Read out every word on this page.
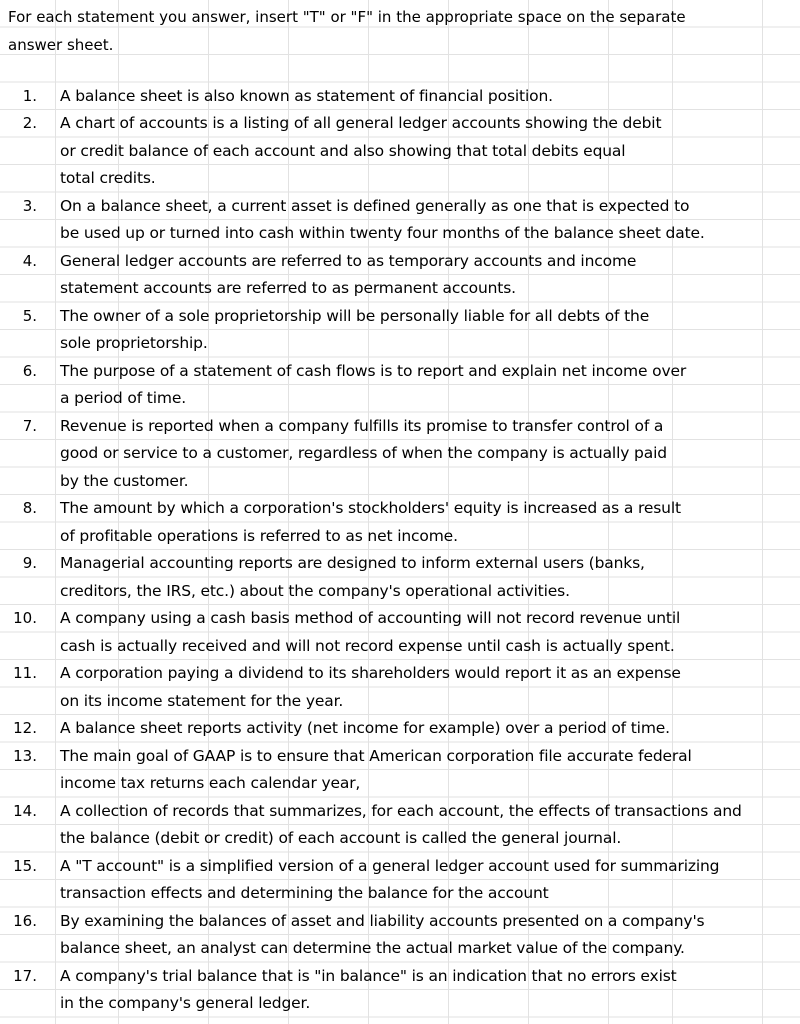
For each statement you answer, insert "T" or "F" in the appropriate space on the separate
answer sheet.
1. A balance sheet is also known as statement of financial position.
2. A chart of accounts is a listing of all general ledger accounts showing the debit
or credit balance of each account and also showing that total debits equal
total credits.
3. On a balance sheet, a current asset is defined generally as one that is expected to
be used up or turned into cash within twenty four months of the balance sheet date.
4. General ledger accounts are referred to as temporary accounts and income
statement accounts are referred to as permanent accounts.
5. The owner of a sole proprietorship will be personally liable for all debts of the
sole proprietorship.
6. The purpose of a statement of cash flows is to report and explain net income over
a period of time.
7. Revenue is reported when a company fulfills its promise to transfer control of a
good or service to a customer, regardless of when the company is actually paid
by the customer.
8. The amount by which a corporation's stockholders' equity is increased as a result
of profitable operations is referred to as net income.
9. Managerial accounting reports are designed to inform external users (banks,
creditors, the IRS, etc.) about the company's operational activities.
10. A company using a cash basis method of accounting will not record revenue until
cash is actually received and will not record expense until cash is actually spent.
11. A corporation paying a dividend to its shareholders would report it as an expense
on its income statement for the year.
12. A balance sheet reports activity (net income for example) over a period of time.
13. The main goal of GAAP is to ensure that American corporation file accurate federal
income tax returns each calendar year,
14. A collection of records that summarizes, for each account, the effects of transactions and
the balance (debit or credit) of each account is called the general journal.
15. A "T account" is a simplified version of a general ledger account used for summarizing
transaction effects and determining the balance for the account
16. By examining the balances of asset and liability accounts presented on a company's
balance sheet, an analyst can determine the actual market value of the company.
17. A company's trial balance that is "in balance" is an indication that no errors exist
in the company's general ledger.
